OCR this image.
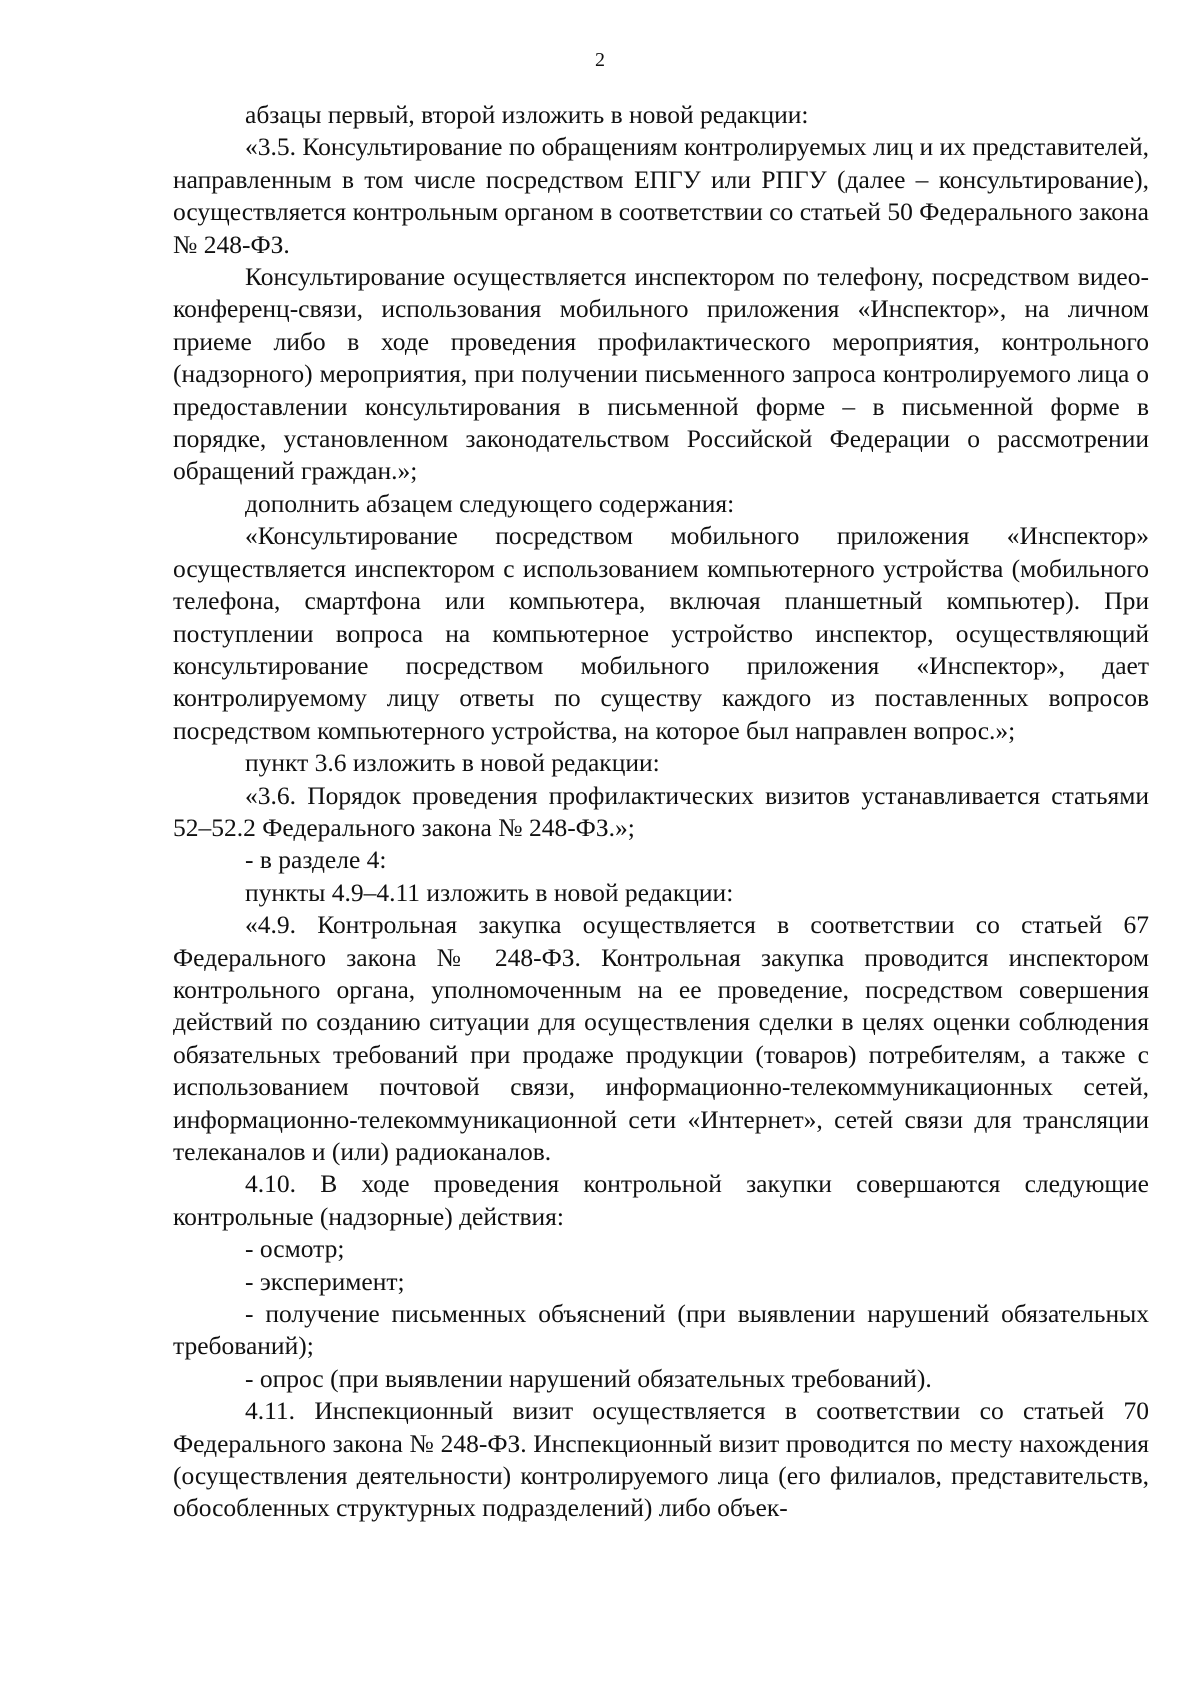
2

абзацы первый, второй изложить в новой редакции:

«3.5. Консультирование по обращениям контролируемых лиц и их представителей, направленным в том числе посредством ЕПГУ или РПГУ (далее – консультирование), осуществляется контрольным органом в соответствии со статьей 50 Федерального закона № 248-ФЗ.

Консультирование осуществляется инспектором по телефону, посредством видео-конференц-связи, использования мобильного приложения «Инспектор», на личном приеме либо в ходе проведения профилактического мероприятия, контрольного (надзорного) мероприятия, при получении письменного запроса контролируемого лица о предоставлении консультирования в письменной форме – в письменной форме в порядке, установленном законодательством Российской Федерации о рассмотрении обращений граждан.»;

дополнить абзацем следующего содержания:

«Консультирование посредством мобильного приложения «Инспектор» осуществляется инспектором с использованием компьютерного устройства (мобильного телефона, смартфона или компьютера, включая планшетный компьютер). При поступлении вопроса на компьютерное устройство инспектор, осуществляющий консультирование посредством мобильного приложения «Инспектор», дает контролируемому лицу ответы по существу каждого из поставленных вопросов посредством компьютерного устройства, на которое был направлен вопрос.»;

пункт 3.6 изложить в новой редакции:

«3.6. Порядок проведения профилактических визитов устанавливается статьями 52–52.2 Федерального закона № 248-ФЗ.»;

- в разделе 4:

пункты 4.9–4.11 изложить в новой редакции:

«4.9. Контрольная закупка осуществляется в соответствии со статьей 67 Федерального закона № 248-ФЗ. Контрольная закупка проводится инспектором контрольного органа, уполномоченным на ее проведение, посредством совершения действий по созданию ситуации для осуществления сделки в целях оценки соблюдения обязательных требований при продаже продукции (товаров) потребителям, а также с использованием почтовой связи, информационно-телекоммуникационных сетей, информационно-телекоммуникационной сети «Интернет», сетей связи для трансляции телеканалов и (или) радиоканалов.

4.10. В ходе проведения контрольной закупки совершаются следующие контрольные (надзорные) действия:

- осмотр;

- эксперимент;

- получение письменных объяснений (при выявлении нарушений обязательных требований);

- опрос (при выявлении нарушений обязательных требований).

4.11. Инспекционный визит осуществляется в соответствии со статьей 70 Федерального закона № 248-ФЗ. Инспекционный визит проводится по месту нахождения (осуществления деятельности) контролируемого лица (его филиалов, представительств, обособленных структурных подразделений) либо объек-
